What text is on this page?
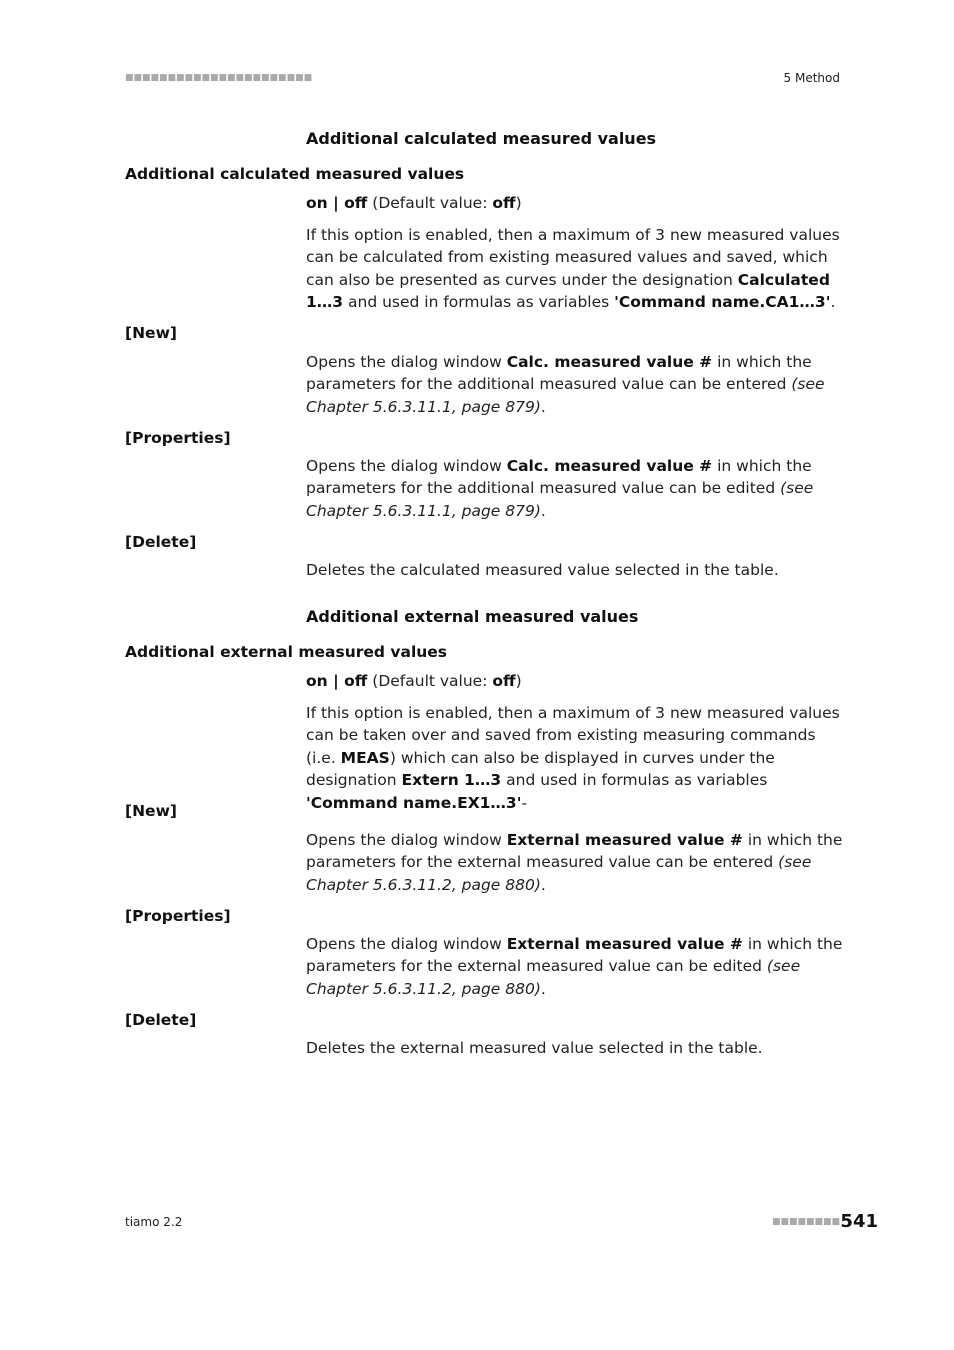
■■■■■■■■■■■■■■■■■■■■■■	5 Method
Additional calculated measured values
Additional calculated measured values
on | off (Default value: off)
If this option is enabled, then a maximum of 3 new measured values can be calculated from existing measured values and saved, which can also be presented as curves under the designation Calculated 1…3 and used in formulas as variables 'Command name.CA1…3'.
[New]
Opens the dialog window Calc. measured value # in which the parameters for the additional measured value can be entered (see Chapter 5.6.3.11.1, page 879).
[Properties]
Opens the dialog window Calc. measured value # in which the parameters for the additional measured value can be edited (see Chapter 5.6.3.11.1, page 879).
[Delete]
Deletes the calculated measured value selected in the table.
Additional external measured values
Additional external measured values
on | off (Default value: off)
If this option is enabled, then a maximum of 3 new measured values can be taken over and saved from existing measuring commands (i.e. MEAS) which can also be displayed in curves under the designation Extern 1…3 and used in formulas as variables 'Command name.EX1…3'-
[New]
Opens the dialog window External measured value # in which the parameters for the external measured value can be entered (see Chapter 5.6.3.11.2, page 880).
[Properties]
Opens the dialog window External measured value # in which the parameters for the external measured value can be edited (see Chapter 5.6.3.11.2, page 880).
[Delete]
Deletes the external measured value selected in the table.
tiamo 2.2	■■■■■■■■ 541
